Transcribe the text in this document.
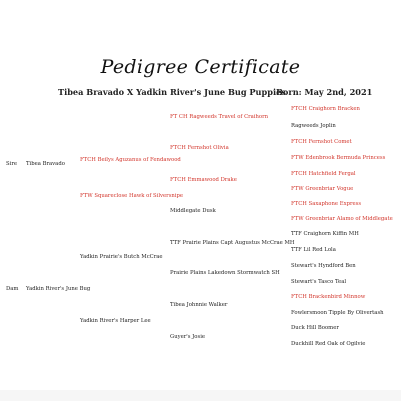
Pedigree Certificate
Tibea Bravado X Yadkin River's June Bug Puppies
Born: May 2nd, 2021
Sire Tibea Bravado
Dam Yadkin River's June Bug
FTCH Beilys Aguzanus of Fendawood
FTW Squareclose Hawk of Silversnipe
Yadkin Prairie's Butch McCrae
Yadkin River's Harper Lee
FT CH Ragweeds Travel of Craihorn
FTCH Fernshot Olivia
FTCH Emmawood Drake
Middlegate Dusk
TTF Prairie Plains Capt Augustus McCrae MH
Prairie Plains Lakedown Stormwatch SH
Tibea Johnnie Walker
Guyer's Josie
FTCH Craighorn Bracken
Ragweeds Joplin
FTCH Fernshot Comet
FTW Edenbrook Bermuda Princess
FTCH Hatchfield Fergal
FTW Greenbriar Vogue
FTCH Saxaphone Express
FTW Greenbriar Alamo of Middlegate
TTF Craighorn Kiffin MH
TTF Lil Red Lola
Stewart's Hyndford Ben
Stewart's Tasco Teal
FTCH Brackenbird Minnow
Fowlersmoon Tipple By Olivertash
Duck Hill Boomer
Duckhill Red Oak of Ogilvie
